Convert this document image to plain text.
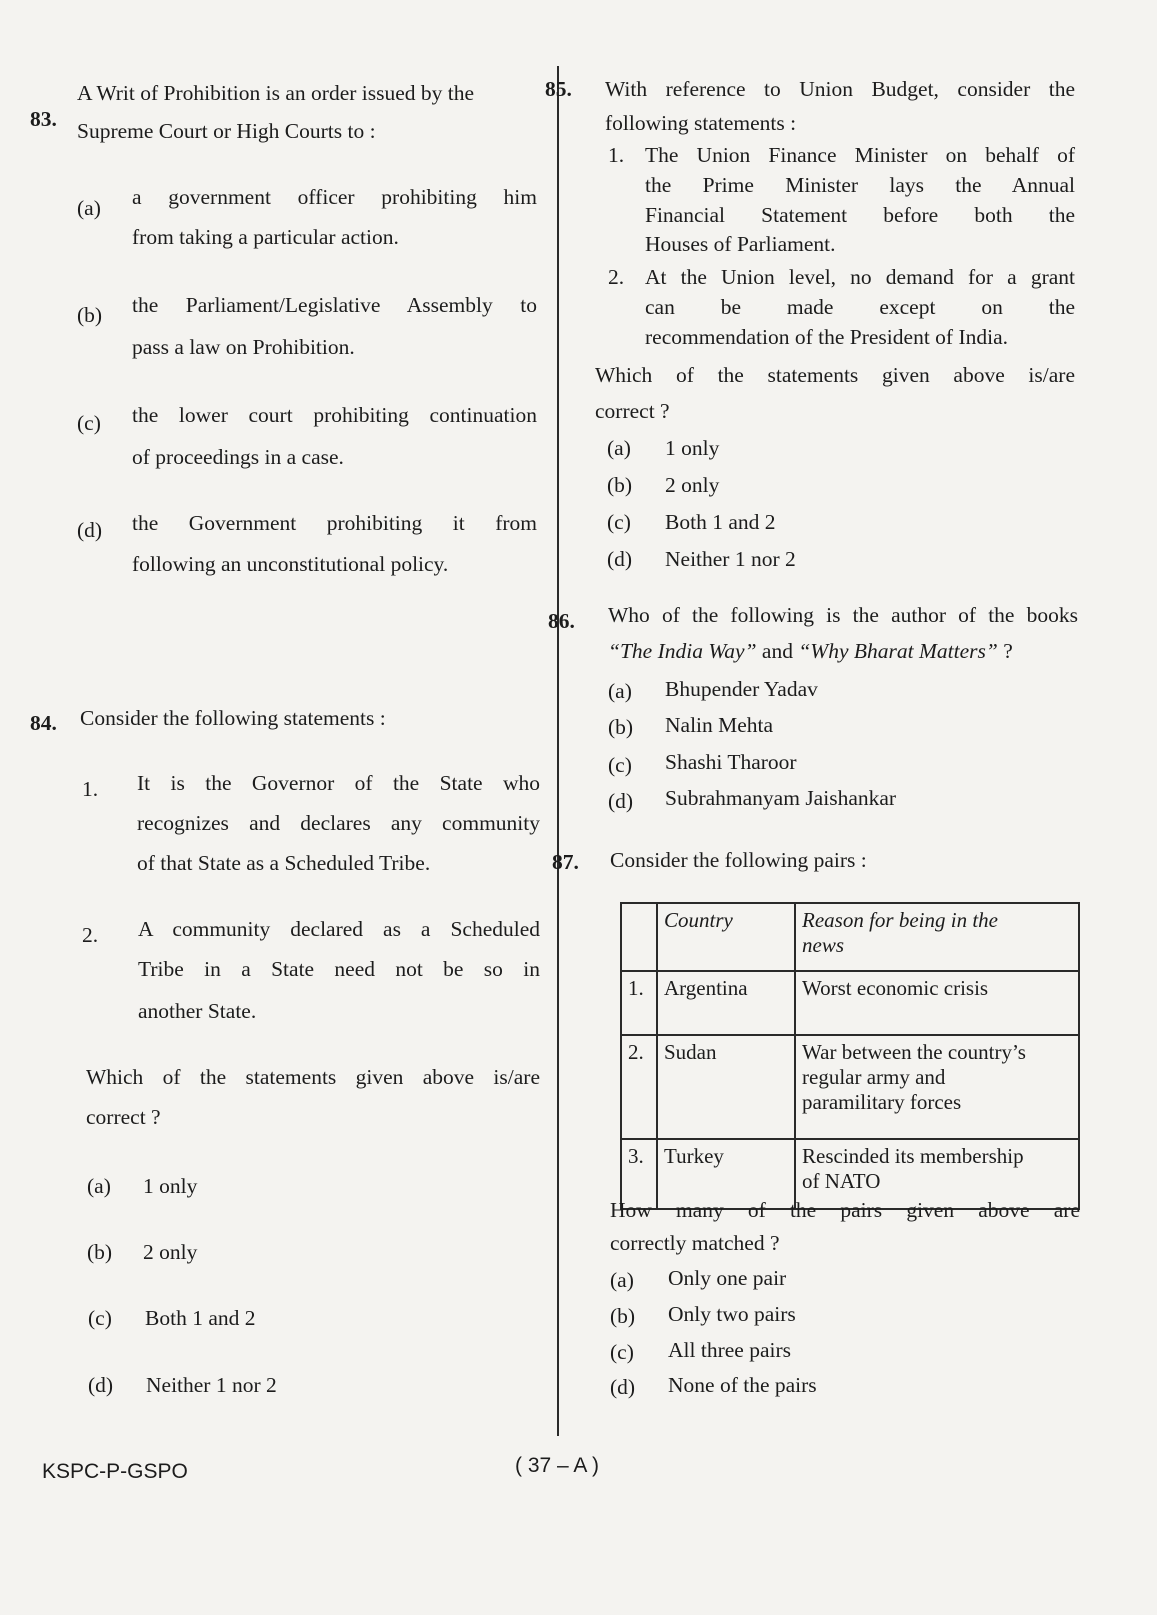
83.
A Writ of Prohibition is an order issued by the
Supreme Court or High Courts to :
(a) a government officer prohibiting him
from taking a particular action.
(b) the Parliament/Legislative Assembly to
pass a law on Prohibition.
(c) the lower court prohibiting continuation
of proceedings in a case.
(d) the Government prohibiting it from
following an unconstitutional policy.
84. Consider the following statements :
1. It is the Governor of the State who
recognizes and declares any community
of that State as a Scheduled Tribe.
2. A community declared as a Scheduled
Tribe in a State need not be so in
another State.
Which of the statements given above is/are
correct ?
(a) 1 only
(b) 2 only
(c) Both 1 and 2
(d) Neither 1 nor 2
85. With reference to Union Budget, consider the
following statements :
1. The Union Finance Minister on behalf of
the Prime Minister lays the Annual
Financial Statement before both the
Houses of Parliament.
2. At the Union level, no demand for a grant
can be made except on the
recommendation of the President of India.
Which of the statements given above is/are
correct ?
(a) 1 only
(b) 2 only
(c) Both 1 and 2
(d) Neither 1 nor 2
86. Who of the following is the author of the books
“The India Way” and “Why Bharat Matters” ?
(a) Bhupender Yadav
(b) Nalin Mehta
(c) Shashi Tharoor
(d) Subrahmanyam Jaishankar
87. Consider the following pairs :
	Country	Reason for being in the
news
1.	Argentina	Worst economic crisis
2.	Sudan	War between the country’s
regular army and
paramilitary forces
3.	Turkey	Rescinded its membership
of NATO
How many of the pairs given above are
correctly matched ?
(a) Only one pair
(b) Only two pairs
(c) All three pairs
(d) None of the pairs
KSPC-P-GSPO	( 37 – A )
